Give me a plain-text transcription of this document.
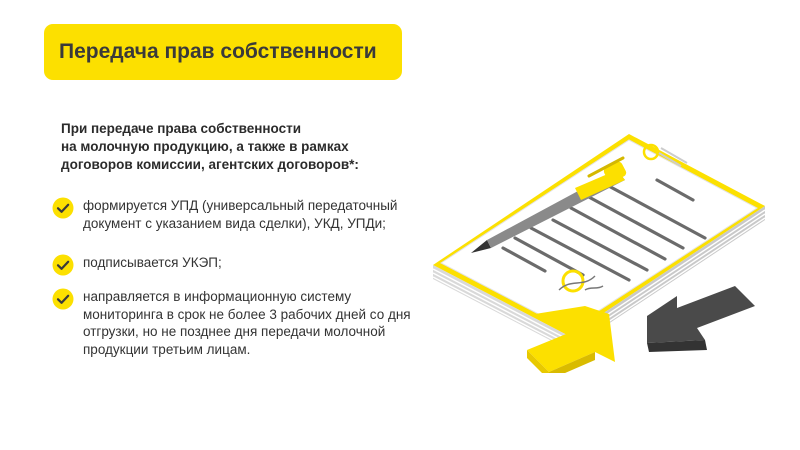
Передача прав собственности
При передаче права собственности
на молочную продукцию, а также в рамках
договоров комиссии, агентских договоров*:
формируется УПД (универсальный передаточный
документ с указанием вида сделки), УКД, УПДи;
подписывается УКЭП;
направляется в информационную систему
мониторинга в срок не более 3 рабочих дней со дня
отгрузки, но не позднее дня передачи молочной
продукции третьим лицам.
